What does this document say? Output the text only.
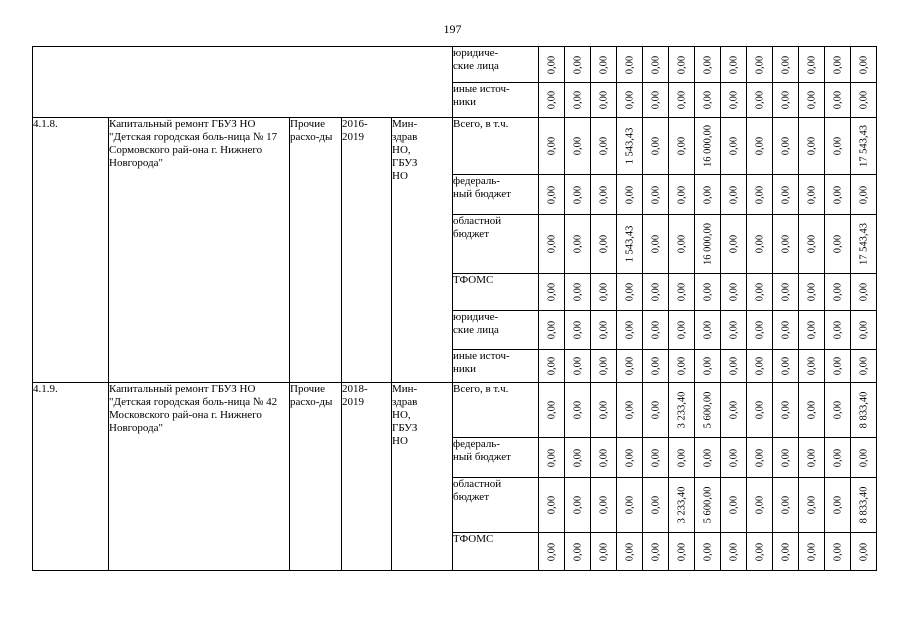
197
					юридиче-
ские лица	0,00	0,00	0,00	0,00	0,00	0,00	0,00	0,00	0,00	0,00	0,00	0,00	0,00

					иные источ-
ники	0,00	0,00	0,00	0,00	0,00	0,00	0,00	0,00	0,00	0,00	0,00	0,00	0,00

4.1.8.	Капитальный ремонт ГБУЗ НО "Детская городская боль-ница № 17 Сормовского рай-она г. Нижнего Новгорода"	Прочие расхо-ды	2016-
2019	Мин-
здрав
НО,
ГБУЗ
НО	Всего, в т.ч.	0,00	0,00	0,00	1 543,43	0,00	0,00	16 000,00	0,00	0,00	0,00	0,00	0,00	17 543,43

					федераль-
ный бюджет	0,00	0,00	0,00	0,00	0,00	0,00	0,00	0,00	0,00	0,00	0,00	0,00	0,00

					областной
бюджет	0,00	0,00	0,00	1 543,43	0,00	0,00	16 000,00	0,00	0,00	0,00	0,00	0,00	17 543,43

					ТФОМС	0,00	0,00	0,00	0,00	0,00	0,00	0,00	0,00	0,00	0,00	0,00	0,00	0,00

					юридиче-
ские лица	0,00	0,00	0,00	0,00	0,00	0,00	0,00	0,00	0,00	0,00	0,00	0,00	0,00

					иные источ-
ники	0,00	0,00	0,00	0,00	0,00	0,00	0,00	0,00	0,00	0,00	0,00	0,00	0,00

4.1.9.	Капитальный ремонт ГБУЗ НО "Детская городская боль-ница № 42 Московского рай-она г. Нижнего Новгорода"	Прочие расхо-ды	2018-
2019	Мин-
здрав
НО,
ГБУЗ
НО	Всего, в т.ч.	0,00	0,00	0,00	0,00	0,00	3 233,40	5 600,00	0,00	0,00	0,00	0,00	0,00	8 833,40

					федераль-
ный бюджет	0,00	0,00	0,00	0,00	0,00	0,00	0,00	0,00	0,00	0,00	0,00	0,00	0,00

					областной
бюджет	0,00	0,00	0,00	0,00	0,00	3 233,40	5 600,00	0,00	0,00	0,00	0,00	0,00	8 833,40

					ТФОМС	0,00	0,00	0,00	0,00	0,00	0,00	0,00	0,00	0,00	0,00	0,00	0,00	0,00
